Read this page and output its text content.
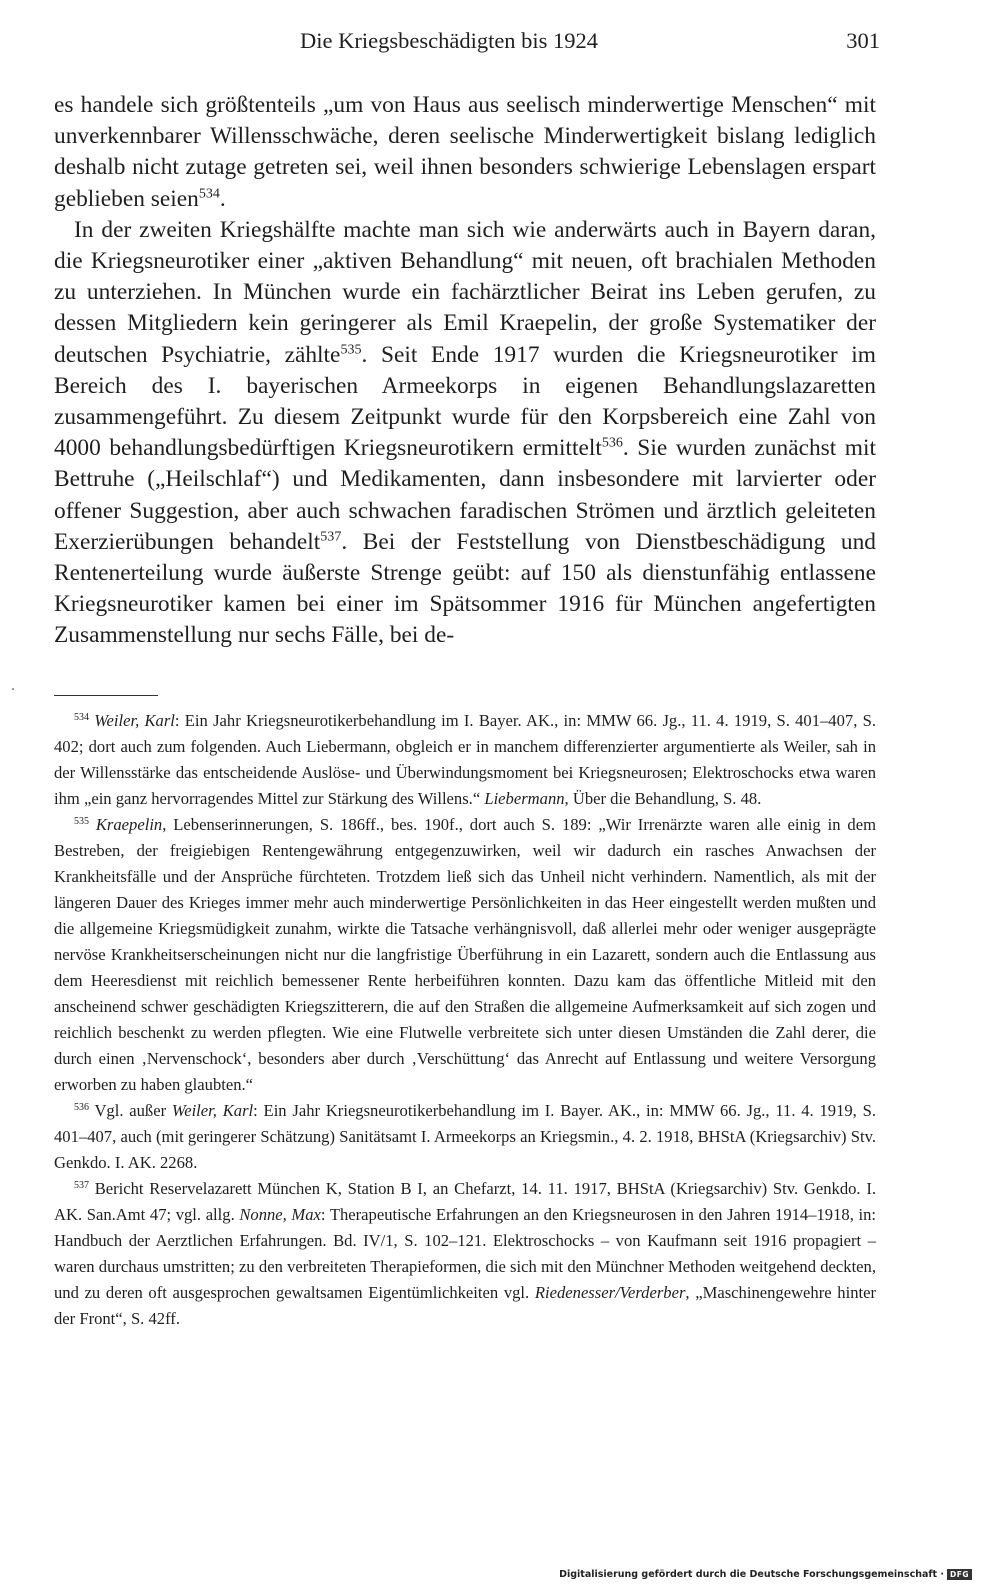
Die Kriegsbeschädigten bis 1924	301

es handele sich größtenteils „um von Haus aus seelisch minderwertige Menschen“ mit unverkennbarer Willensschwäche, deren seelische Minderwertigkeit bislang lediglich deshalb nicht zutage getreten sei, weil ihnen besonders schwierige Lebenslagen erspart geblieben seien$^{534}$.

In der zweiten Kriegshälfte machte man sich wie anderwärts auch in Bayern daran, die Kriegsneurotiker einer „aktiven Behandlung“ mit neuen, oft brachialen Methoden zu unterziehen. In München wurde ein fachärztlicher Beirat ins Leben gerufen, zu dessen Mitgliedern kein geringerer als Emil Kraepelin, der große Systematiker der deutschen Psychiatrie, zählte$^{535}$. Seit Ende 1917 wurden die Kriegsneurotiker im Bereich des I. bayerischen Armeekorps in eigenen Behandlungslazaretten zusammengeführt. Zu diesem Zeitpunkt wurde für den Korpsbereich eine Zahl von 4000 behandlungsbedürftigen Kriegsneurotikern ermittelt$^{536}$. Sie wurden zunächst mit Bettruhe („Heilschlaf“) und Medikamenten, dann insbesondere mit larvierter oder offener Suggestion, aber auch schwachen faradischen Strömen und ärztlich geleiteten Exerzierübungen behandelt$^{537}$. Bei der Feststellung von Dienstbeschädigung und Rentenerteilung wurde äußerste Strenge geübt: auf 150 als dienstunfähig entlassene Kriegsneurotiker kamen bei einer im Spätsommer 1916 für München angefertigten Zusammenstellung nur sechs Fälle, bei de-

$^{534}$ Weiler, Karl: Ein Jahr Kriegsneurotikerbehandlung im I. Bayer. AK., in: MMW 66. Jg., 11. 4. 1919, S. 401–407, S. 402; dort auch zum folgenden. Auch Liebermann, obgleich er in manchem differenzierter argumentierte als Weiler, sah in der Willensstärke das entscheidende Auslöse- und Überwindungsmoment bei Kriegsneurosen; Elektroschocks etwa waren ihm „ein ganz hervorragendes Mittel zur Stärkung des Willens.“ Liebermann, Über die Behandlung, S. 48.

$^{535}$ Kraepelin, Lebenserinnerungen, S. 186ff., bes. 190f., dort auch S. 189: „Wir Irrenärzte waren alle einig in dem Bestreben, der freigiebigen Rentengewährung entgegenzuwirken, weil wir dadurch ein rasches Anwachsen der Krankheitsfälle und der Ansprüche fürchteten. Trotzdem ließ sich das Unheil nicht verhindern. Namentlich, als mit der längeren Dauer des Krieges immer mehr auch minderwertige Persönlichkeiten in das Heer eingestellt werden mußten und die allgemeine Kriegsmüdigkeit zunahm, wirkte die Tatsache verhängnisvoll, daß allerlei mehr oder weniger ausgeprägte nervöse Krankheitserscheinungen nicht nur die langfristige Überführung in ein Lazarett, sondern auch die Entlassung aus dem Heeresdienst mit reichlich bemessener Rente herbeiführen konnten. Dazu kam das öffentliche Mitleid mit den anscheinend schwer geschädigten Kriegszitterern, die auf den Straßen die allgemeine Aufmerksamkeit auf sich zogen und reichlich beschenkt zu werden pflegten. Wie eine Flutwelle verbreitete sich unter diesen Umständen die Zahl derer, die durch einen ‚Nervenschock‘, besonders aber durch ‚Verschüttung‘ das Anrecht auf Entlassung und weitere Versorgung erworben zu haben glaubten.“

$^{536}$ Vgl. außer Weiler, Karl: Ein Jahr Kriegsneurotikerbehandlung im I. Bayer. AK., in: MMW 66. Jg., 11. 4. 1919, S. 401–407, auch (mit geringerer Schätzung) Sanitätsamt I. Armeekorps an Kriegsmin., 4. 2. 1918, BHStA (Kriegsarchiv) Stv. Genkdo. I. AK. 2268.

$^{537}$ Bericht Reservelazarett München K, Station B I, an Chefarzt, 14. 11. 1917, BHStA (Kriegsarchiv) Stv. Genkdo. I. AK. San.Amt 47; vgl. allg. Nonne, Max: Therapeutische Erfahrungen an den Kriegsneurosen in den Jahren 1914–1918, in: Handbuch der Aerztlichen Erfahrungen. Bd. IV/1, S. 102–121. Elektroschocks – von Kaufmann seit 1916 propagiert – waren durchaus umstritten; zu den verbreiteten Therapieformen, die sich mit den Münchner Methoden weitgehend deckten, und zu deren oft ausgesprochen gewaltsamen Eigentümlichkeiten vgl. Riedenesser/Verderber, „Maschinengewehre hinter der Front“, S. 42ff.

Digitalisierung gefördert durch die Deutsche Forschungsgemeinschaft · DFG
